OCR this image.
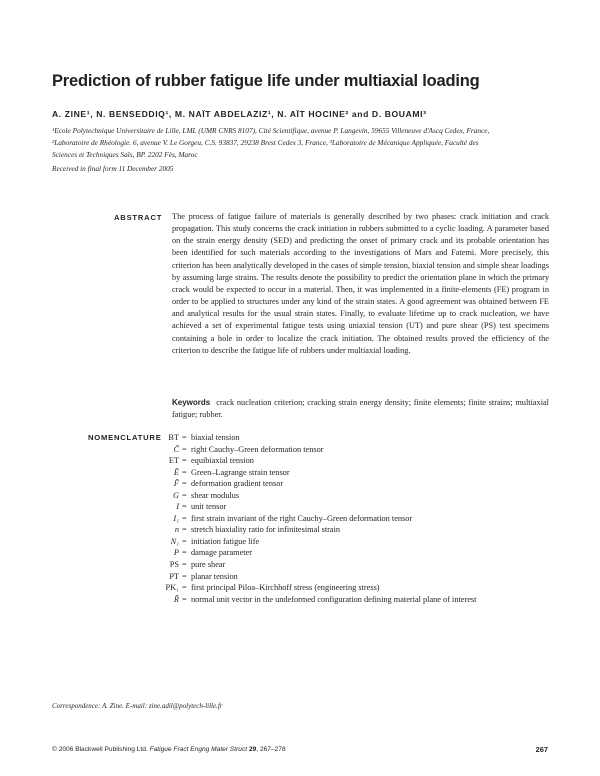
Prediction of rubber fatigue life under multiaxial loading
A. ZINE¹, N. BENSEDDIQ¹, M. NAÏT ABDELAZIZ¹, N. AÏT HOCINE² and D. BOUAMI³
¹Ecole Polytechnique Universitaire de Lille, LML (UMR CNRS 8107), Cité Scientifique, avenue P. Langevin, 59655 Villeneuve d'Ascq Cedex, France,
²Laboratoire de Rhéologie. 6, avenue V. Le Gorgeu, C.S. 93837, 29238 Brest Cedex 3, France, ³Laboratoire de Mécanique Appliquée, Faculté des
Sciences et Techniques Saïs, BP. 2202 Fès, Maroc
Received in final form 11 December 2005
ABSTRACT The process of fatigue failure of materials is generally described by two phases: crack initiation and crack propagation. This study concerns the crack initiation in rubbers submitted to a cyclic loading. A parameter based on the strain energy density (SED) and predicting the onset of primary crack and its probable orientation has been identified for such materials according to the investigations of Mars and Fatemi. More precisely, this criterion has been analytically developed in the cases of simple tension, biaxial tension and simple shear loadings by assuming large strains. The results denote the possibility to predict the orientation plane in which the primary crack would be expected to occur in a material. Then, it was implemented in a finite-elements (FE) program in order to be applied to structures under any kind of the strain states. A good agreement was obtained between FE and analytical results for the usual strain states. Finally, to evaluate lifetime up to crack nucleation, we have achieved a set of experimental fatigue tests using uniaxial tension (UT) and pure shear (PS) test specimens containing a hole in order to localize the crack initiation. The obtained results proved the efficiency of the criterion to describe the fatigue life of rubbers under multiaxial loading.

Keywords crack nucleation criterion; cracking strain energy density; finite elements; finite strains; multiaxial fatigue; rubber.

NOMENCLATURE BT = biaxial tension
C̃ = right Cauchy–Green deformation tensor
ET = equibiaxial tension
Ẽ = Green–Lagrange strain tensor
F̃ = deformation gradient tensor
G = shear modulus
I = unit tensor
I₁ = first strain invariant of the right Cauchy–Green deformation tensor
n = stretch biaxiality ratio for infinitesimal strain
N₁ = initiation fatigue life
P = damage parameter
PS = pure shear
PT = planar tension
PK₁ = first principal Piloa–Kirchhoff stress (engineering stress)
R̃ = normal unit vector in the undeformed configuration defining material plane of interest
Correspondence: A. Zine. E-mail: zine.adil@polytech-lille.fr
© 2006 Blackwell Publishing Ltd. Fatigue Fract Engng Mater Struct 29, 267–278	267
